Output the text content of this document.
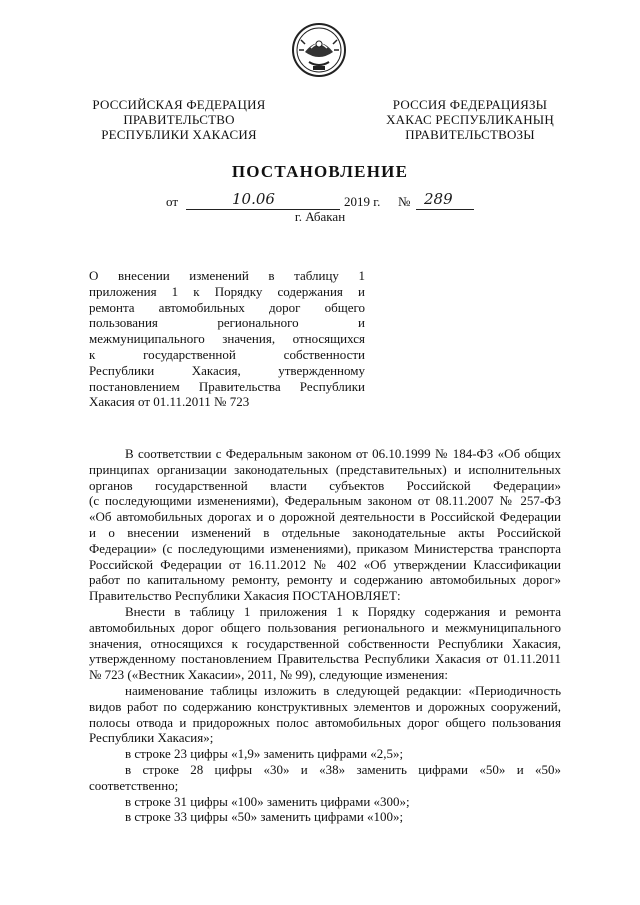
РОССИЙСКАЯ ФЕДЕРАЦИЯ
ПРАВИТЕЛЬСТВО
РЕСПУБЛИКИ ХАКАСИЯ
РОССИЯ ФЕДЕРАЦИЯЗЫ
ХАКАС РЕСПУБЛИКАНЫҢ
ПРАВИТЕЛЬСТВОЗЫ
ПОСТАНОВЛЕНИЕ
от	10.06	2019 г. № 289
г. Абакан
О внесении изменений в таблицу 1
приложения 1 к Порядку содержания и
ремонта автомобильных дорог общего
пользования регионального и
межмуниципального значения, относящихся
к государственной собственности
Республики Хакасия, утвержденному
постановлением Правительства Республики
Хакасия от 01.11.2011 № 723
В соответствии с Федеральным законом от 06.10.1999 № 184-ФЗ «Об общих
принципах организации законодательных (представительных) и исполнительных
органов государственной власти субъектов Российской Федерации»
(с последующими изменениями), Федеральным законом от 08.11.2007 № 257-ФЗ
«Об автомобильных дорогах и о дорожной деятельности в Российской Федерации
и о внесении изменений в отдельные законодательные акты Российской
Федерации» (с последующими изменениями), приказом Министерства транспорта
Российской Федерации от 16.11.2012 № 402 «Об утверждении Классификации
работ по капитальному ремонту, ремонту и содержанию автомобильных дорог»
Правительство Республики Хакасия ПОСТАНОВЛЯЕТ:
Внести в таблицу 1 приложения 1 к Порядку содержания и ремонта
автомобильных дорог общего пользования регионального и межмуниципального
значения, относящихся к государственной собственности Республики Хакасия,
утвержденному постановлением Правительства Республики Хакасия от 01.11.2011
№ 723 («Вестник Хакасии», 2011, № 99), следующие изменения:
наименование таблицы изложить в следующей редакции: «Периодичность
видов работ по содержанию конструктивных элементов и дорожных сооружений,
полосы отвода и придорожных полос автомобильных дорог общего пользования
Республики Хакасия»;
в строке 23 цифры «1,9» заменить цифрами «2,5»;
в строке 28 цифры «30» и «38» заменить цифрами «50» и «50»
соответственно;
в строке 31 цифры «100» заменить цифрами «300»;
в строке 33 цифры «50» заменить цифрами «100»;
